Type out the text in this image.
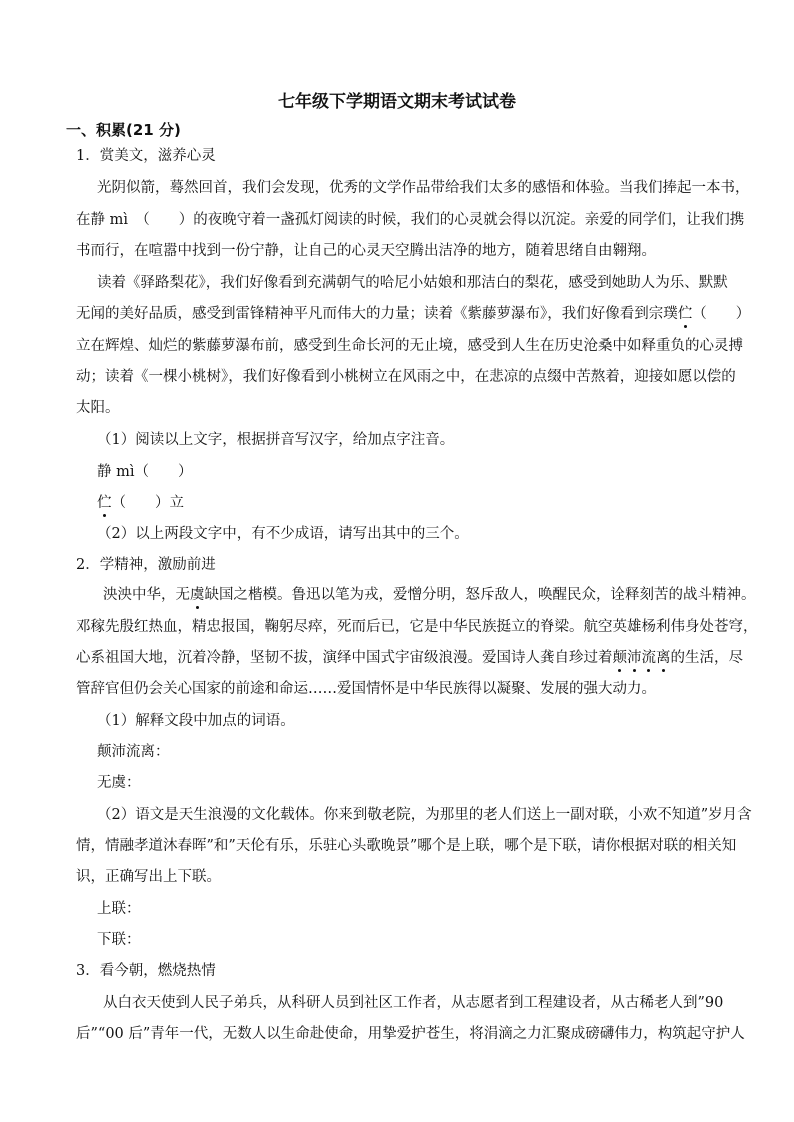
七年级下学期语文期末考试试卷
一、积累(21 分)
1．赏美文，滋养心灵
光阴似箭，蓦然回首，我们会发现，优秀的文学作品带给我们太多的感悟和体验。当我们捧起一本书，
在静 mì　（　　）的夜晚守着一盏孤灯阅读的时候，我们的心灵就会得以沉淀。亲爱的同学们，让我们携
书而行，在喧嚣中找到一份宁静，让自己的心灵天空腾出洁净的地方，随着思绪自由翱翔。
读着《驿路梨花》，我们好像看到充满朝气的哈尼小姑娘和那洁白的梨花，感受到她助人为乐、默默
无闻的美好品质，感受到雷锋精神平凡而伟大的力量；读着《紫藤萝瀑布》，我们好像看到宗璞伫（　　）
立在辉煌、灿烂的紫藤萝瀑布前，感受到生命长河的无止境，感受到人生在历史沧桑中如释重负的心灵搏
动；读着《一棵小桃树》，我们好像看到小桃树立在风雨之中，在悲凉的点缀中苦熬着，迎接如愿以偿的
太阳。
（1）阅读以上文字，根据拼音写汉字，给加点字注音。
静 mì（　　）
伫（　　）立
（2）以上两段文字中，有不少成语，请写出其中的三个。
2．学精神，激励前进
泱泱中华，无虞缺国之楷模。鲁迅以笔为戎，爱憎分明，怒斥敌人，唤醒民众，诠释刻苦的战斗精神。
邓稼先殷红热血，精忠报国，鞠躬尽瘁，死而后已，它是中华民族挺立的脊梁。航空英雄杨利伟身处苍穹，
心系祖国大地，沉着冷静，坚韧不拔，演绎中国式宇宙级浪漫。爱国诗人龚自珍过着颠沛流离的生活，尽
管辞官但仍会关心国家的前途和命运……爱国情怀是中华民族得以凝聚、发展的强大动力。
（1）解释文段中加点的词语。
颠沛流离：
无虞：
（2）语文是天生浪漫的文化载体。你来到敬老院，为那里的老人们送上一副对联，小欢不知道”岁月含
情，情融孝道沐春晖”和”天伦有乐，乐驻心头歌晚景”哪个是上联，哪个是下联，请你根据对联的相关知
识，正确写出上下联。
上联：
下联：
3．看今朝，燃烧热情
从白衣天使到人民子弟兵，从科研人员到社区工作者，从志愿者到工程建设者，从古稀老人到”90
后”“00 后”青年一代，无数人以生命赴使命，用挚爱护苍生，将涓滴之力汇聚成磅礴伟力，构筑起守护人
